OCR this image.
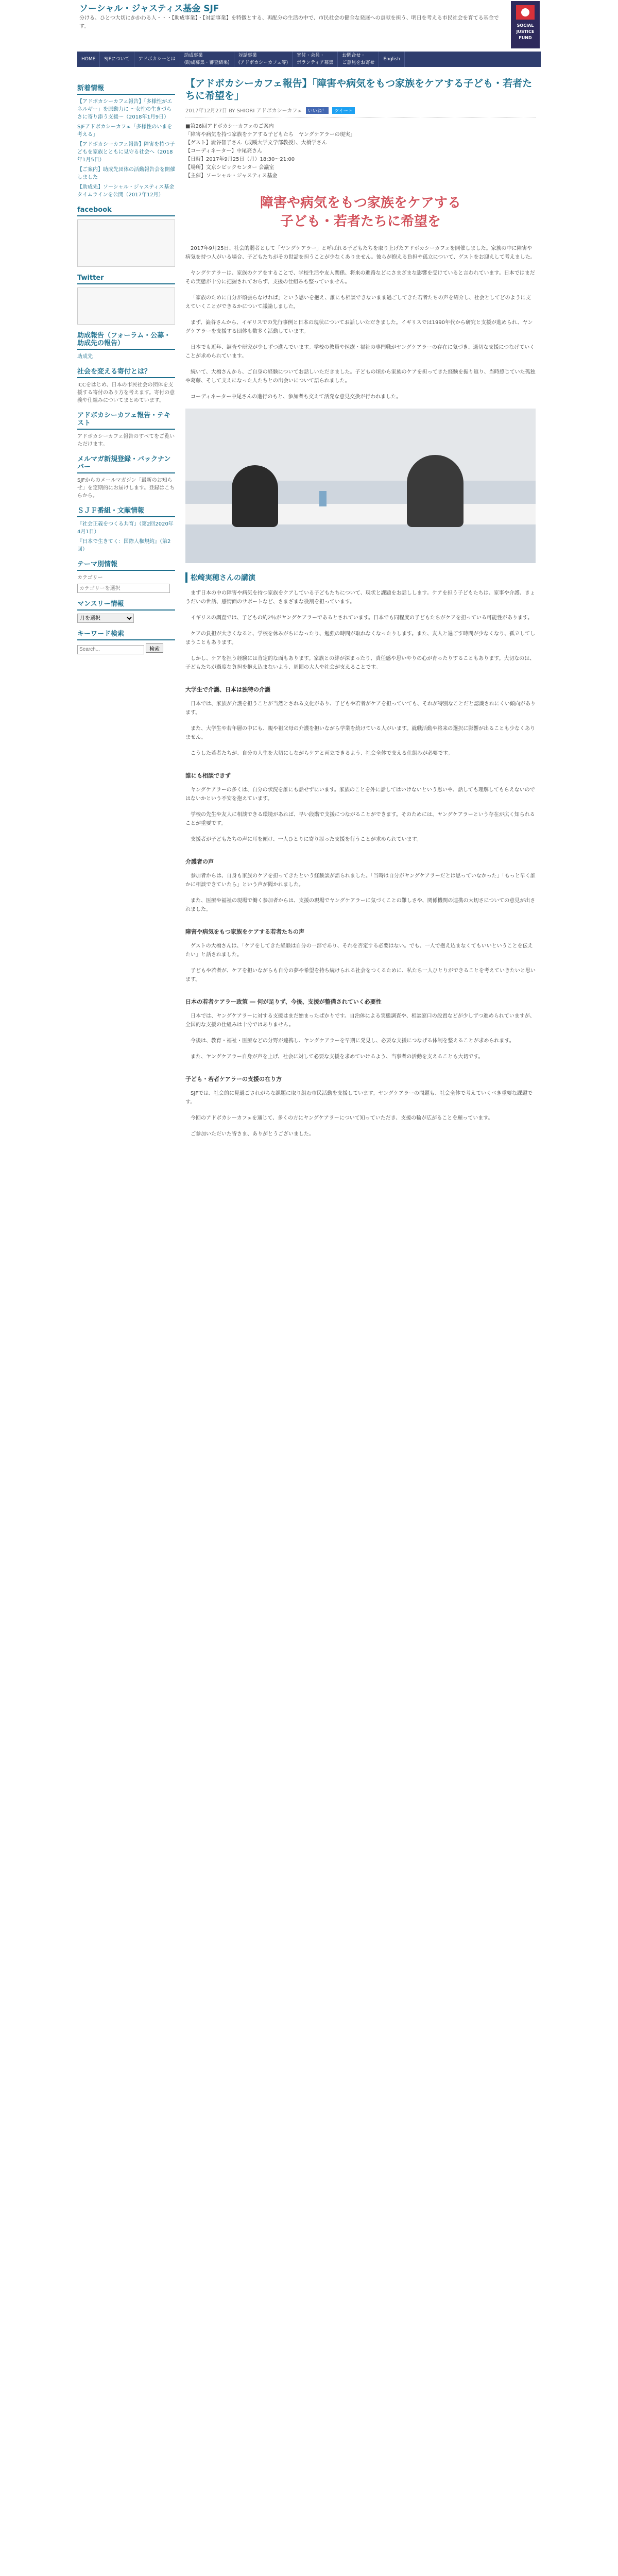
ソーシャル・ジャスティス基金 SJF
分ける、ひとつ大切にかかわる人・・・【助成事業】・【対話事業】を特徴とする、再配分の生活の中で、市民社会の健全な発展への貢献を担う、明日を考える市民社会を育てる基金です。	SOCIAL
JUSTICE
FUND
HOME	SJFについて	アドボカシーとは
助成事業
(助成募集・審査結果)
対話事業
(アドボカシーカフェ等)
寄付・会員・
ボランティア募集
お問合せ・
ご意見をお寄せ
English
新着情報
【アドボカシーカフェ報告】「多様性がエネルギー」を原動力に 〜女性の生きづらさに寄り添う支援〜（2018年1月9日）
SJFアドボカシーカフェ「多様性のいまを考える」
【アドボカシーカフェ報告】障害を持つ子どもを家族とともに見守る社会へ（2018年1月5日）
【ご案内】助成先団体の活動報告会を開催しました
【助成先】ソーシャル・ジャスティス基金タイムラインを公開（2017年12月）
facebook
Twitter
助成報告（フォーラム・公募・助成先の報告）
助成先
社会を変える寄付とは？
ICCをはじめ、日本の市民社会の団体を支援する寄付のあり方を考えます。寄付の意義や仕組みについてまとめています。
アドボカシーカフェ報告・テキスト
アドボカシーカフェ報告のすべてをご覧いただけます。
メルマガ新規登録・バックナンバー
SJFからのメールマガジン「最新のお知らせ」を定期的にお届けします。登録はこちらから。
ＳＪＦ番組・文献情報
『社会正義をつくる共育』（第2回2020年4月1日）
『日本で生きてく：国際人権規約』（第2回）
テーマ別情報
カテゴリー
カテゴリーを選択
マンスリー情報
月を選択
キーワード検索
Search... 検索
【アドボカシーカフェ報告】「障害や病気をもつ家族をケアする子ども・若者たちに希望を」
2017年12月27日 BY SHIORI アドボカシーカフェ いいね！ ツイート
■第26回アドボカシーカフェのご案内
「障害や病気を持つ家族をケアする子どもたち　ヤングケアラーの現実」
【ゲスト】澁谷智子さん（成蹊大学文学部教授）、大橋学さん
【コーディネーター】中尾亮さん
【日時】2017年9月25日（月）18:30〜21:00
【場所】文京シビックセンター 会議室
【主催】ソーシャル・ジャスティス基金
障害や病気をもつ家族をケアする
子ども・若者たちに希望を

2017年9月25日、社会的弱者として「ヤングケアラー」と呼ばれる子どもたちを取り上げたアドボカシーカフェを開催しました。家族の中に障害や病気を持つ人がいる場合、子どもたちがその世話を担うことが少なくありません。彼らが抱える負担や孤立について、ゲストをお迎えして考えました。

ヤングケアラーは、家族のケアをすることで、学校生活や友人関係、将来の進路などにさまざまな影響を受けていると言われています。日本ではまだその実態が十分に把握されておらず、支援の仕組みも整っていません。

「家族のために自分が頑張らなければ」という思いを抱え、誰にも相談できないまま過ごしてきた若者たちの声を紹介し、社会としてどのように支えていくことができるかについて議論しました。

まず、澁谷さんから、イギリスでの先行事例と日本の現状についてお話しいただきました。イギリスでは1990年代から研究と支援が進められ、ヤングケアラーを支援する団体も数多く活動しています。

日本でも近年、調査や研究が少しずつ進んでいます。学校の教員や医療・福祉の専門職がヤングケアラーの存在に気づき、適切な支援につなげていくことが求められています。

続いて、大橋さんから、ご自身の経験についてお話しいただきました。子どもの頃から家族のケアを担ってきた経験を振り返り、当時感じていた孤独や葛藤、そして支えになった人たちとの出会いについて語られました。

コーディネーター中尾さんの進行のもと、参加者も交えて活発な意見交換が行われました。

松崎実穂さんの講演

まず日本の中の障害や病気を持つ家族をケアしている子どもたちについて、現状と課題をお話しします。ケアを担う子どもたちは、家事や介護、きょうだいの世話、感情面のサポートなど、さまざまな役割を担っています。

イギリスの調査では、子どもの約2％がヤングケアラーであるとされています。日本でも同程度の子どもたちがケアを担っている可能性があります。

ケアの負担が大きくなると、学校を休みがちになったり、勉強の時間が取れなくなったりします。また、友人と過ごす時間が少なくなり、孤立してしまうこともあります。

しかし、ケアを担う経験には肯定的な面もあります。家族との絆が深まったり、責任感や思いやりの心が育ったりすることもあります。大切なのは、子どもたちが過度な負担を抱え込まないよう、周囲の大人や社会が支えることです。

大学生で介護、日本は独特の介護

日本では、家族が介護を担うことが当然とされる文化があり、子どもや若者がケアを担っていても、それが特別なことだと認識されにくい傾向があります。

また、大学生や若年層の中にも、親や祖父母の介護を担いながら学業を続けている人がいます。就職活動や将来の選択に影響が出ることも少なくありません。

こうした若者たちが、自分の人生を大切にしながらケアと両立できるよう、社会全体で支える仕組みが必要です。

誰にも相談できず

ヤングケアラーの多くは、自分の状況を誰にも話せずにいます。家族のことを外に話してはいけないという思いや、話しても理解してもらえないのではないかという不安を抱えています。

学校の先生や友人に相談できる環境があれば、早い段階で支援につながることができます。そのためには、ヤングケアラーという存在が広く知られることが重要です。

支援者が子どもたちの声に耳を傾け、一人ひとりに寄り添った支援を行うことが求められています。

介護者の声

参加者からは、自身も家族のケアを担ってきたという経験談が語られました。「当時は自分がヤングケアラーだとは思っていなかった」「もっと早く誰かに相談できていたら」という声が聞かれました。

また、医療や福祉の現場で働く参加者からは、支援の現場でヤングケアラーに気づくことの難しさや、関係機関の連携の大切さについての意見が出されました。

障害や病気をもつ家族をケアする若者たちの声

ゲストの大橋さんは、「ケアをしてきた経験は自分の一部であり、それを否定する必要はない。でも、一人で抱え込まなくてもいいということを伝えたい」と話されました。

子どもや若者が、ケアを担いながらも自分の夢や希望を持ち続けられる社会をつくるために、私たち一人ひとりができることを考えていきたいと思います。

日本の若者ケアラー政策 ― 何が足りず、今後、支援が整備されていく必要性

日本では、ヤングケアラーに対する支援はまだ始まったばかりです。自治体による実態調査や、相談窓口の設置などが少しずつ進められていますが、全国的な支援の仕組みは十分ではありません。

今後は、教育・福祉・医療などの分野が連携し、ヤングケアラーを早期に発見し、必要な支援につなげる体制を整えることが求められます。

また、ヤングケアラー自身が声を上げ、社会に対して必要な支援を求めていけるよう、当事者の活動を支えることも大切です。

子ども・若者ケアラーの支援の在り方

SJFでは、社会的に見過ごされがちな課題に取り組む市民活動を支援しています。ヤングケアラーの問題も、社会全体で考えていくべき重要な課題です。

今回のアドボカシーカフェを通じて、多くの方にヤングケアラーについて知っていただき、支援の輪が広がることを願っています。

ご参加いただいた皆さま、ありがとうございました。
